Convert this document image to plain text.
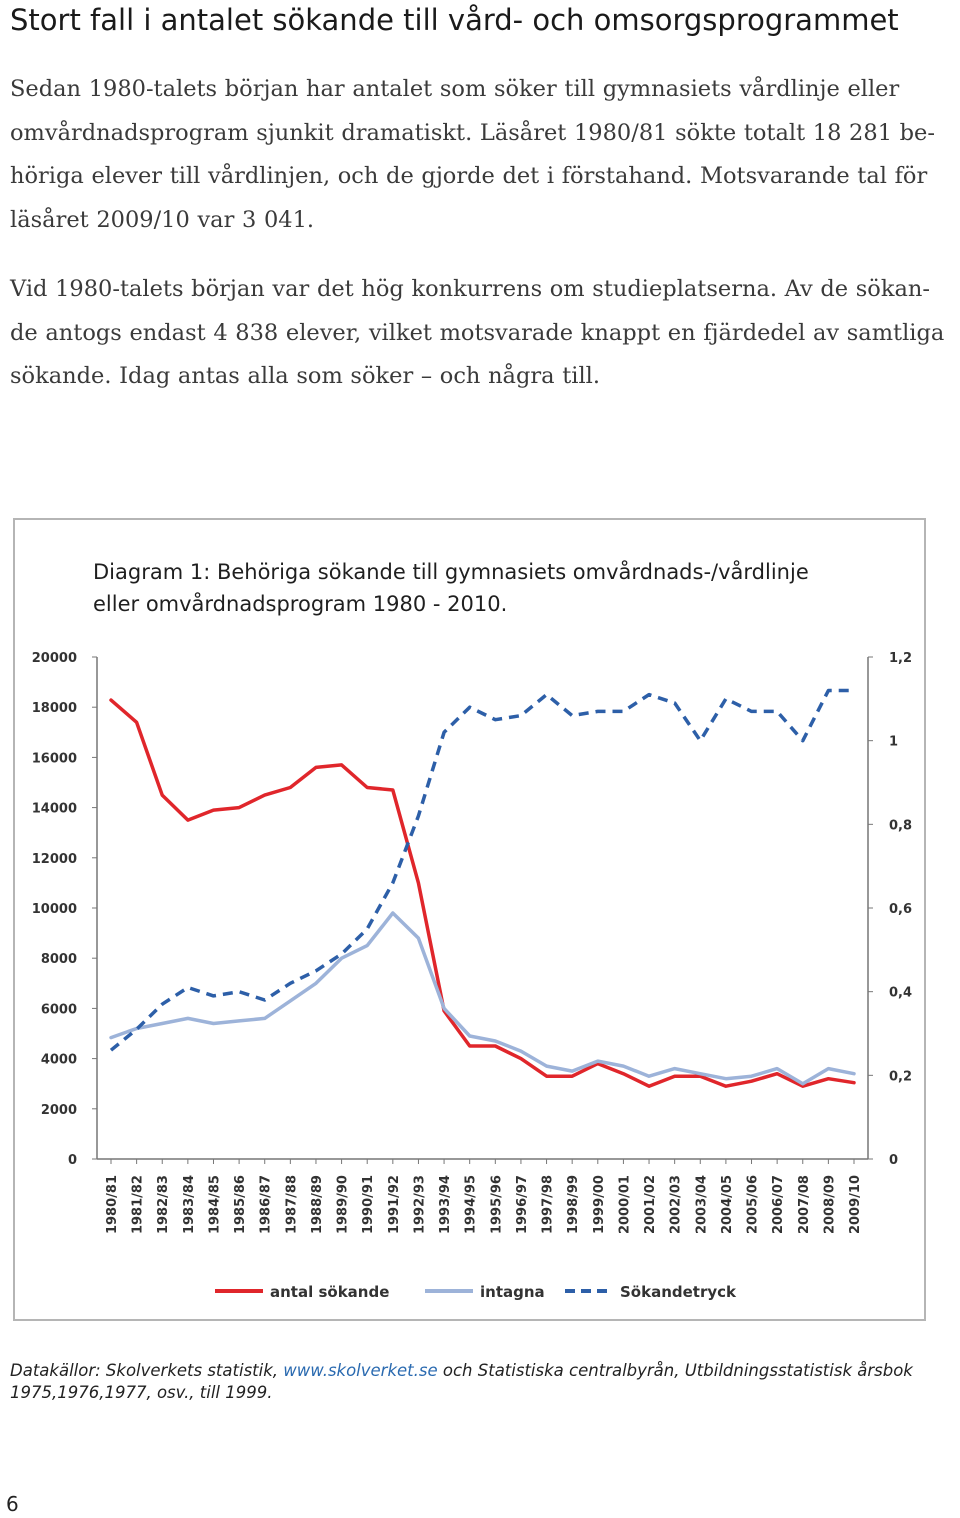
Stort fall i antalet sökande till vård- och omsorgsprogrammet
Sedan 1980-talets början har antalet som söker till gymnasiets vårdlinje eller
omvårdnadsprogram sjunkit dramatiskt. Läsåret 1980/81 sökte totalt 18 281 be-
höriga elever till vårdlinjen, och de gjorde det i förstahand. Motsvarande tal för
läsåret 2009/10 var 3 041.
Vid 1980-talets början var det hög konkurrens om studieplatserna. Av de sökan-
de antogs endast 4 838 elever, vilket motsvarade knappt en fjärdedel av samtliga
sökande. Idag antas alla som söker – och några till.
Diagram 1: Behöriga sökande till gymnasiets omvårdnads-/vårdlinje
eller omvårdnadsprogram 1980 - 2010.
0
2000
4000
6000
8000
10000
12000
14000
16000
18000
20000
0
0,2
0,4
0,6
0,8
1
1,2
1980/81 1981/82 1982/83 1983/84 1984/85 1985/86 1986/87 1987/88 1988/89 1989/90 1990/91 1991/92 1992/93 1993/94 1994/95 1995/96 1996/97 1997/98 1998/99 1999/00 2000/01 2001/02 2002/03 2003/04 2004/05 2005/06 2006/07 2007/08 2008/09 2009/10
antal sökande	intagna	Sökandetryck
Datakällor: Skolverkets statistik, www.skolverket.se och Statistiska centralbyrån, Utbildningsstatistisk årsbok
1975,1976,1977, osv., till 1999.
6
